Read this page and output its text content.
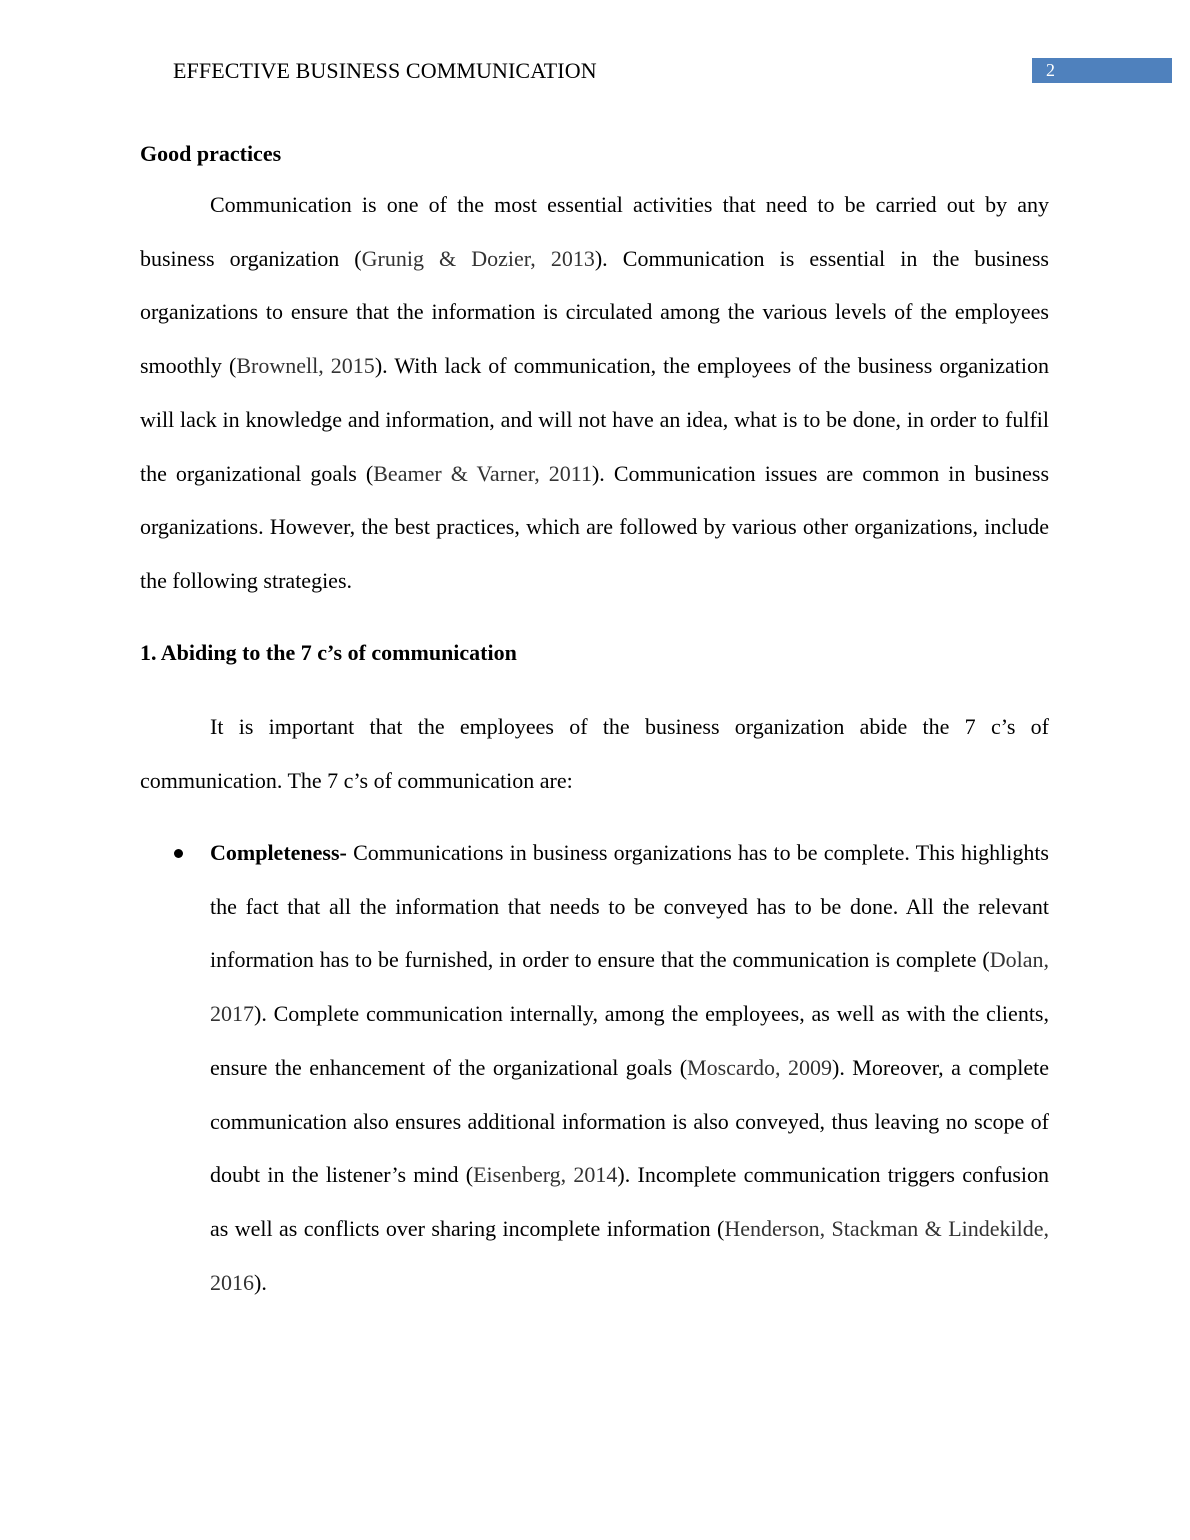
EFFECTIVE BUSINESS COMMUNICATION	2
Good practices

Communication is one of the most essential activities that need to be carried out by any business organization (Grunig & Dozier, 2013). Communication is essential in the business organizations to ensure that the information is circulated among the various levels of the employees smoothly (Brownell, 2015). With lack of communication, the employees of the business organization will lack in knowledge and information, and will not have an idea, what is to be done, in order to fulfil the organizational goals (Beamer & Varner, 2011). Communication issues are common in business organizations. However, the best practices, which are followed by various other organizations, include the following strategies.

1. Abiding to the 7 c’s of communication

It is important that the employees of the business organization abide the 7 c’s of communication. The 7 c’s of communication are:

Completeness- Communications in business organizations has to be complete. This highlights the fact that all the information that needs to be conveyed has to be done. All the relevant information has to be furnished, in order to ensure that the communication is complete (Dolan, 2017). Complete communication internally, among the employees, as well as with the clients, ensure the enhancement of the organizational goals (Moscardo, 2009). Moreover, a complete communication also ensures additional information is also conveyed, thus leaving no scope of doubt in the listener’s mind (Eisenberg, 2014). Incomplete communication triggers confusion as well as conflicts over sharing incomplete information (Henderson, Stackman & Lindekilde, 2016).
